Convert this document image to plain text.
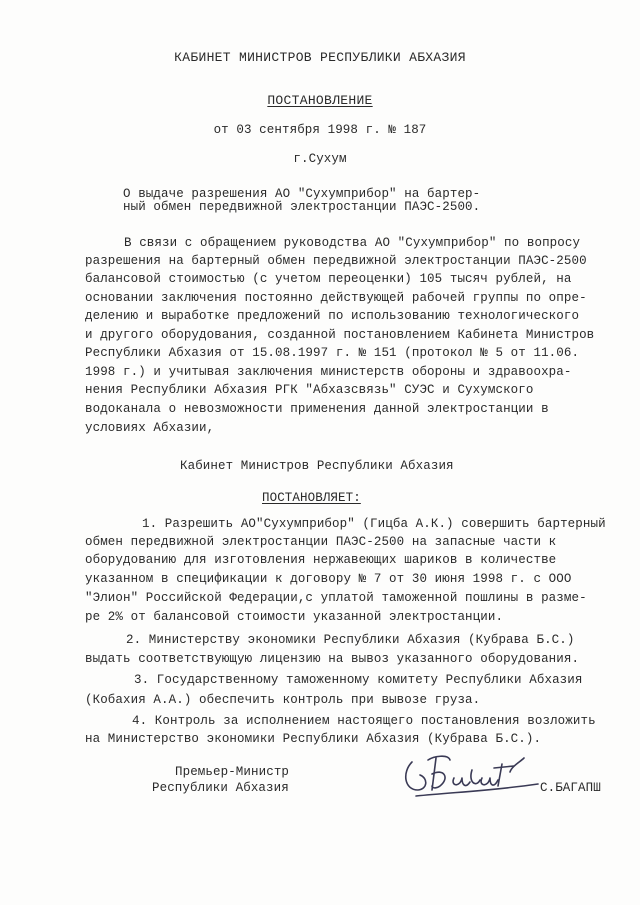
КАБИНЕТ МИНИСТРОВ РЕСПУБЛИКИ АБХАЗИЯ
ПОСТАНОВЛЕНИЕ
от 03 сентября 1998 г. № 187
г.Сухум
О выдаче разрешения АО "Сухумприбор" на бартер-
ный обмен передвижной электростанции ПАЭС-2500.
В связи с обращением руководства АО "Сухумприбор" по вопросу
разрешения на бартерный обмен передвижной электростанции ПАЭС-2500
балансовой стоимостью (с учетом переоценки) 105 тысяч рублей, на
основании заключения постоянно действующей рабочей группы по опре-
делению и выработке предложений по использованию технологического
и другого оборудования, созданной постановлением Кабинета Министров
Республики Абхазия от 15.08.1997 г. № 151 (протокол № 5 от 11.06.
1998 г.) и учитывая заключения министерств обороны и здравоохра-
нения Республики Абхазия РГК "Абхазсвязь" СУЭС и Сухумского
водоканала о невозможности применения данной электростанции в
условиях Абхазии,
Кабинет Министров Республики Абхазия
ПОСТАНОВЛЯЕТ:
1. Разрешить АО"Сухумприбор" (Гицба А.К.) совершить бартерный
обмен передвижной электростанции ПАЭС-2500 на запасные части к
оборудованию для изготовления нержавеющих шариков в количестве
указанном в спецификации к договору № 7 от 30 июня 1998 г. с ООО
"Элион" Российской Федерации,с уплатой таможенной пошлины в разме-
ре 2% от балансовой стоимости указанной электростанции.
2. Министерству экономики Республики Абхазия (Кубрава Б.С.)
выдать соответствующую лицензию на вывоз указанного оборудования.
3. Государственному таможенному комитету Республики Абхазия
(Кобахия А.А.) обеспечить контроль при вывозе груза.
4. Контроль за исполнением настоящего постановления возложить
на Министерство экономики Республики Абхазия (Кубрава Б.С.).
Премьер-Министр
Республики Абхазия	С.БАГАПШ
